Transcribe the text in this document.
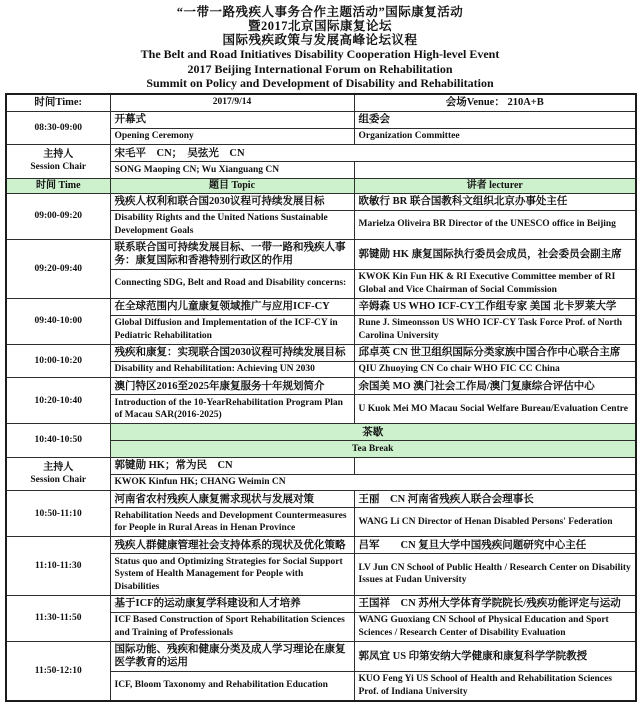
“一带一路残疾人事务合作主题活动”国际康复活动
暨2017北京国际康复论坛
国际残疾政策与发展高峰论坛议程
The Belt and Road Initiatives Disability Cooperation High-level Event
2017 Beijing International Forum on Rehabilitation
Summit on Policy and Development of Disability and Rehabilitation
时间Time:	2017/9/14	会场Venue： 210A+B
08:30-09:00	开幕式	组委会
	Opening Ceremony	Organization Committee

主持人
Session Chair	宋毛平　CN；　吴弦光　CN	
	SONG Maoping CN; Wu Xianguang CN	
时间 Time	题目 Topic	讲者 lecturer
09:00-09:20	残疾人权利和联合国2030议程可持续发展目标	欧敏行 BR 联合国教科文组织北京办事处主任
	Disability Rights and the United Nations Sustainable Development Goals	Marielza Oliveira BR Director of the UNESCO office in Beijing
09:20-09:40	联系联合国可持续发展目标、一带一路和残疾人事务：康复国际和香港特别行政区的作用	郭键勋 HK 康复国际执行委员会成员，社会委员会副主席
	Connecting SDG, Belt and Road and Disability concerns:	KWOK Kin Fun HK & RI Executive Committee member of RI Global and Vice Chairman of Social Commission
09:40-10:00	在全球范围内儿童康复领域推广与应用ICF-CY	辛姆森 US WHO ICF-CY工作组专家 美国 北卡罗莱大学
	Global Diffusion and Implementation of the ICF-CY in Pediatric Rehabilitation	Rune J. Simeonsson US WHO ICF-CY Task Force Prof. of North Carolina University
10:00-10:20	残疾和康复：实现联合国2030议程可持续发展目标	邱卓英 CN 世卫组织国际分类家族中国合作中心联合主席
	Disability and Rehabilitation: Achieving UN 2030	QIU Zhuoying CN Co chair WHO FIC CC China
10:20-10:40	澳门特区2016至2025年康复服务十年规划简介	余国美 MO 澳门社会工作局/澳门复康综合评估中心
	Introduction of the 10-YearRehabilitation Program Plan of Macau SAR(2016-2025)	U Kuok Mei MO Macau Social Welfare Bureau/Evaluation Centre
10:40-10:50	茶歇	
	Tea Break	

主持人
Session Chair	郭键勋 HK；常为民　CN	
	KWOK Kinfun HK; CHANG Weimin CN	
10:50-11:10	河南省农村残疾人康复需求现状与发展对策	王丽　CN 河南省残疾人联合会理事长
	Rehabilitation Needs and Development Countermeasures for People in Rural Areas in Henan Province	WANG Li CN Director of Henan Disabled Persons' Federation
11:10-11:30	残疾人群健康管理社会支持体系的现状及优化策略	吕军　　CN 复旦大学中国残疾问题研究中心主任
	Status quo and Optimizing Strategies for Social Support System of Health Management for People with Disabilities	LV Jun CN School of Public Health / Research Center on Disability Issues at Fudan University
11:30-11:50	基于ICF的运动康复学科建设和人才培养	王国祥　CN 苏州大学体育学院院长/残疾功能评定与运动
	ICF Based Construction of Sport Rehabilitation Sciences and Training of Professionals	WANG Guoxiang CN School of Physical Education and Sport Sciences / Research Center of Disability Evaluation
11:50-12:10	国际功能、残疾和健康分类及成人学习理论在康复医学教育的运用	郭凤宜 US 印第安纳大学健康和康复科学学院教授
	ICF, Bloom Taxonomy and Rehabilitation Education	KUO Feng Yi US School of Health and Rehabilitation Sciences Prof. of Indiana University
